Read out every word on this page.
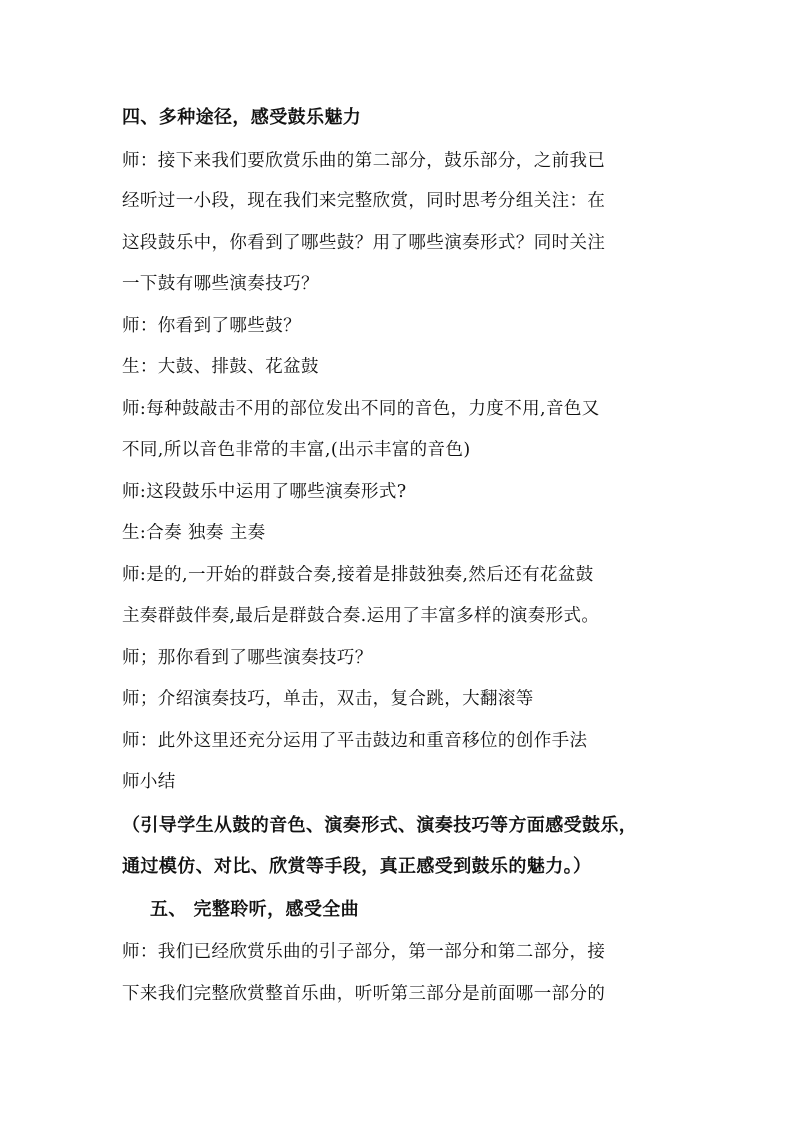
四、多种途径，感受鼓乐魅力

师：接下来我们要欣赏乐曲的第二部分，鼓乐部分，之前我已

经听过一小段，现在我们来完整欣赏，同时思考分组关注：在

这段鼓乐中，你看到了哪些鼓？用了哪些演奏形式？同时关注

一下鼓有哪些演奏技巧？

师：你看到了哪些鼓？

生：大鼓、排鼓、花盆鼓

师:每种鼓敲击不用的部位发出不同的音色，力度不用,音色又

不同,所以音色非常的丰富,(出示丰富的音色)

师:这段鼓乐中运用了哪些演奏形式?

生:合奏 独奏 主奏

师:是的,一开始的群鼓合奏,接着是排鼓独奏,然后还有花盆鼓

主奏群鼓伴奏,最后是群鼓合奏.运用了丰富多样的演奏形式。

师；那你看到了哪些演奏技巧？

师；介绍演奏技巧，单击，双击，复合跳，大翻滚等

师：此外这里还充分运用了平击鼓边和重音移位的创作手法

师小结

（引导学生从鼓的音色、演奏形式、演奏技巧等方面感受鼓乐，

通过模仿、对比、欣赏等手段，真正感受到鼓乐的魅力。）

五、 完整聆听，感受全曲

师：我们已经欣赏乐曲的引子部分，第一部分和第二部分，接

下来我们完整欣赏整首乐曲，听听第三部分是前面哪一部分的
